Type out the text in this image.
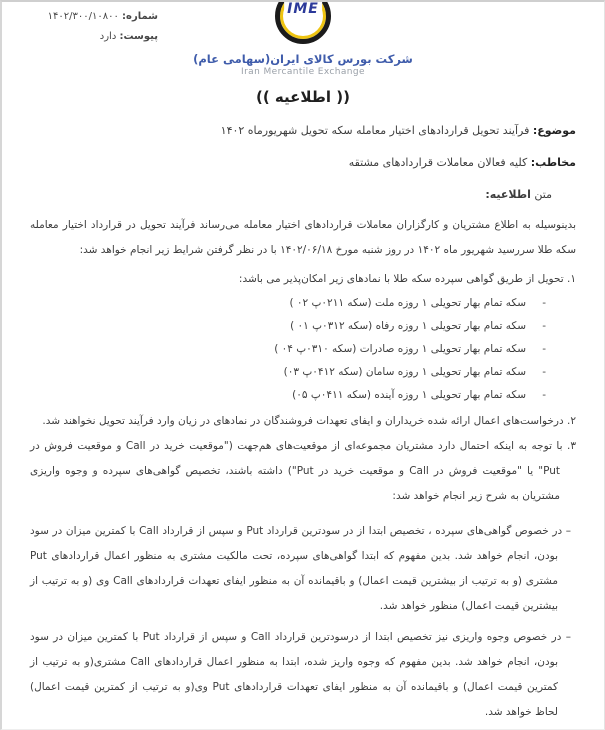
شماره: ۱۴۰۲/۳۰۰/۱۰۸۰۰
پیوست: دارد
IME
شرکت بورس کالای ایران(سهامی عام)
Iran Mercantile Exchange
(( اطلاعیه ))
موضوع: فرآیند تحویل قراردادهای اختیار معامله سکه تحویل شهریورماه ۱۴۰۲
مخاطب: کلیه فعالان معاملات قراردادهای مشتقه
متن اطلاعیه:
بدینوسیله به اطلاع مشتریان و کارگزاران معاملات قراردادهای اختیار معامله می‌رساند فرآیند تحویل در قرارداد اختیار معامله سکه طلا سررسید شهریور ماه ۱۴۰۲ در روز شنبه مورخ ۱۴۰۲/۰۶/۱۸ با در نظر گرفتن شرایط زیر انجام خواهد شد:
۱. تحویل از طریق گواهی سپرده سکه طلا با نمادهای زیر امکان‌پذیر می باشد:
-سکه تمام بهار تحویلی ۱ روزه ملت (سکه ۰۲۱۱پ ۰۲ )
-سکه تمام بهار تحویلی ۱ روزه رفاه (سکه ۰۳۱۲پ ۰۱ )
-سکه تمام بهار تحویلی ۱ روزه صادرات (سکه ۰۳۱۰پ ۰۴ )
-سکه تمام بهار تحویلی ۱ روزه سامان (سکه ۰۴۱۲پ ۰۳)
-سکه تمام بهار تحویلی ۱ روزه آینده (سکه ۰۴۱۱پ ۰۵)
۲. درخواست‌های اعمال ارائه شده خریداران و ایفای تعهدات فروشندگان در نمادهای در زیان وارد فرآیند تحویل نخواهند شد.
۳. با توجه به اینکه احتمال دارد مشتریان مجموعه‌ای از موقعیت‌های هم‌جهت ("موقعیت خرید در Call و موقعیت فروش در Put" یا "موقعیت فروش در Call و موقعیت خرید در Put") داشته باشند، تخصیص گواهی‌های سپرده و وجوه واریزی مشتریان به شرح زیر انجام خواهد شد:
– در خصوص گواهی‌های سپرده ، تخصیص ابتدا از در سودترین قرارداد Put و سپس از قرارداد Call با کمترین میزان در سود بودن، انجام خواهد شد. بدین مفهوم که ابتدا گواهی‌های سپرده، تحت مالکیت مشتری به منظور اعمال قراردادهای Put مشتری (و به ترتیب از بیشترین قیمت اعمال) و باقیمانده آن به منظور ایفای تعهدات قراردادهای Call وی (و به ترتیب از بیشترین قیمت اعمال) منظور خواهد شد.
– در خصوص وجوه واریزی نیز تخصیص ابتدا از درسودترین قرارداد Call و سپس از قرارداد Put با کمترین میزان در سود بودن، انجام خواهد شد. بدین مفهوم که وجوه واریز شده، ابتدا به منظور اعمال قراردادهای Call مشتری(و به ترتیب از کمترین قیمت اعمال) و باقیمانده آن به منظور ایفای تعهدات قراردادهای Put وی(و به ترتیب از کمترین قیمت اعمال) لحاظ خواهد شد.
